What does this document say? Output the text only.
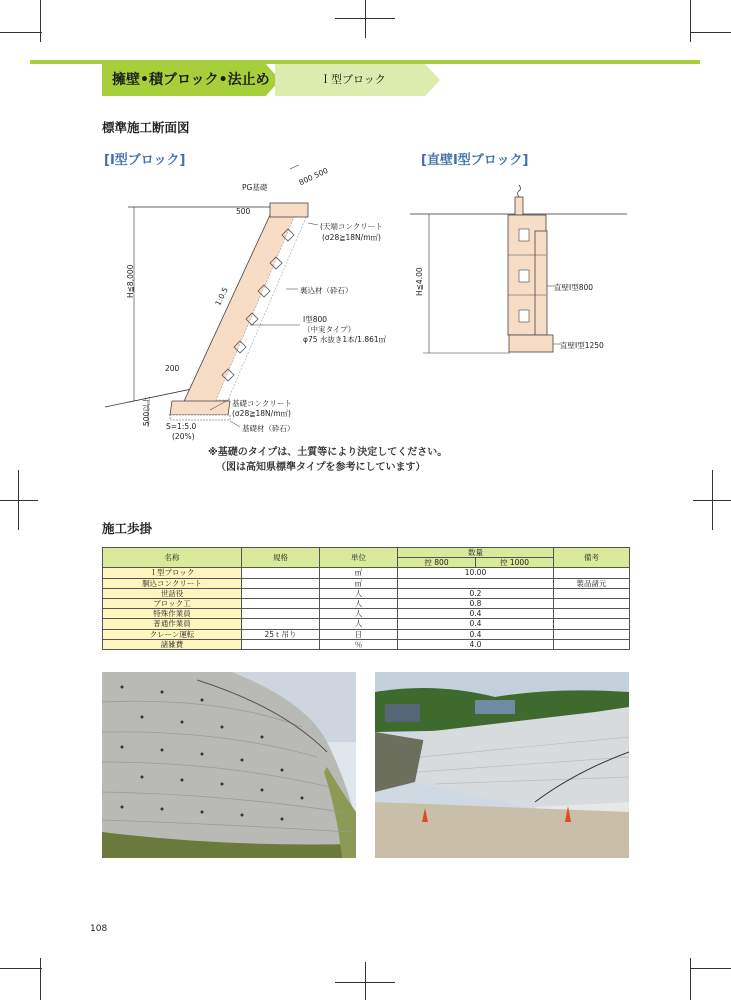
擁壁•積ブロック•法止め	Ｉ型ブロック
標準施工断面図
[I型ブロック]	[直壁I型ブロック]
PG基礎
800 500
500
(天端コンクリート
(σ28≧18N/m㎡)
H≦8,000	1:0.5	裏込材（砕石）
I型800
（中実タイプ）
φ75 水抜き1本/1.861㎡
200
500以上	基礎コンクリート
(σ28≧18N/m㎡)
基礎材（砕石）
S=1:5.0
(20%)
H≦4.00	直壁I型800
直壁I型1250
※基礎のタイプは、土質等により決定してください。
（図は高知県標準タイプを参考にしています）
施工歩掛
名称	規格	単位	数量		備考
			控 800	控 1000	
Ｉ型ブロック		㎡	10.00		
胴込コンクリート		㎥			製品諸元
世話役		人	0.2		
ブロック工		人	0.8		
特殊作業員		人	0.4		
普通作業員		人	0.4		
クレーン運転	25ｔ吊り	日	0.4		
諸雑費		％	4.0		
108
